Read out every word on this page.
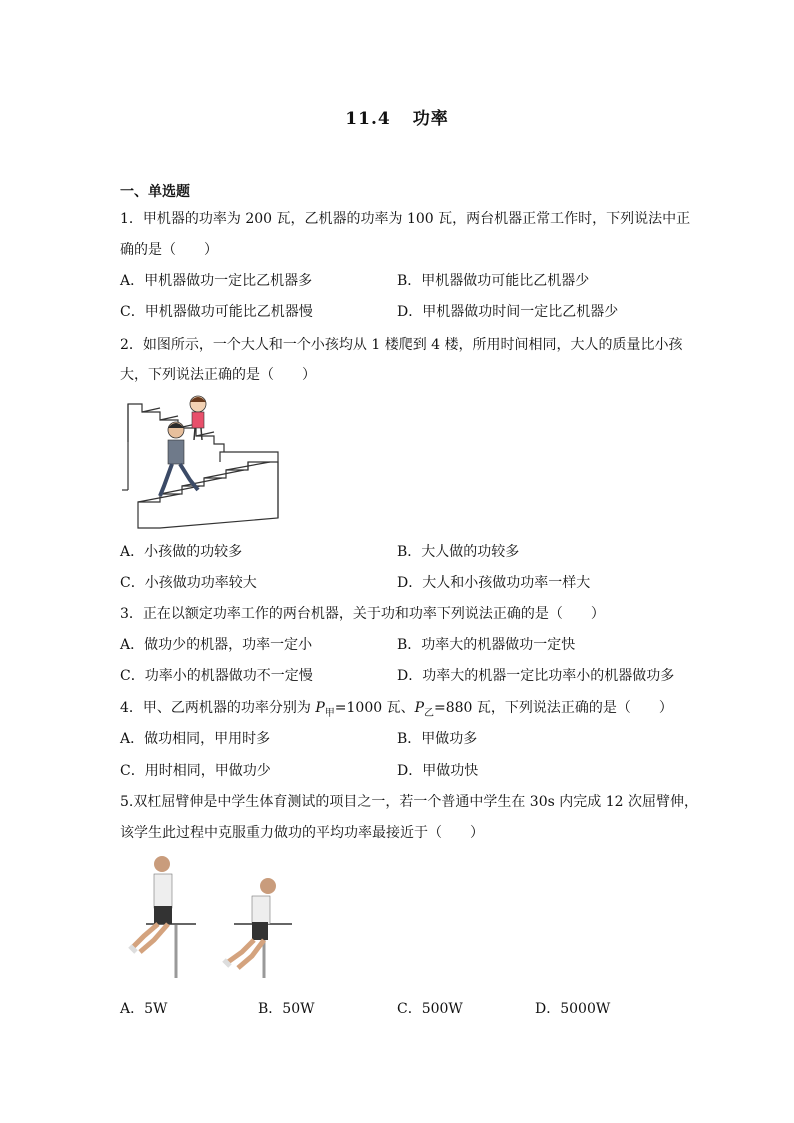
11.4 功率
一、单选题
1．甲机器的功率为 200 瓦，乙机器的功率为 100 瓦，两台机器正常工作时，下列说法中正
确的是（　　）
A．甲机器做功一定比乙机器多	B．甲机器做功可能比乙机器少
C．甲机器做功可能比乙机器慢	D．甲机器做功时间一定比乙机器少
2．如图所示，一个大人和一个小孩均从 1 楼爬到 4 楼，所用时间相同，大人的质量比小孩
大，下列说法正确的是（　　）
A．小孩做的功较多	B．大人做的功较多
C．小孩做功功率较大	D．大人和小孩做功功率一样大
3．正在以额定功率工作的两台机器，关于功和功率下列说法正确的是（　　）
A．做功少的机器，功率一定小	B．功率大的机器做功一定快
C．功率小的机器做功不一定慢	D．功率大的机器一定比功率小的机器做功多
4．甲、乙两机器的功率分别为 $P_甲=1000$ 瓦、$P_乙=880$ 瓦，下列说法正确的是（　　）
A．做功相同，甲用时多	B．甲做功多
C．用时相同，甲做功少	D．甲做功快
5.双杠屈臂伸是中学生体育测试的项目之一，若一个普通中学生在 30s 内完成 12 次屈臂伸，
该学生此过程中克服重力做功的平均功率最接近于（　　）
A．5W	B．50W	C．500W	D．5000W
